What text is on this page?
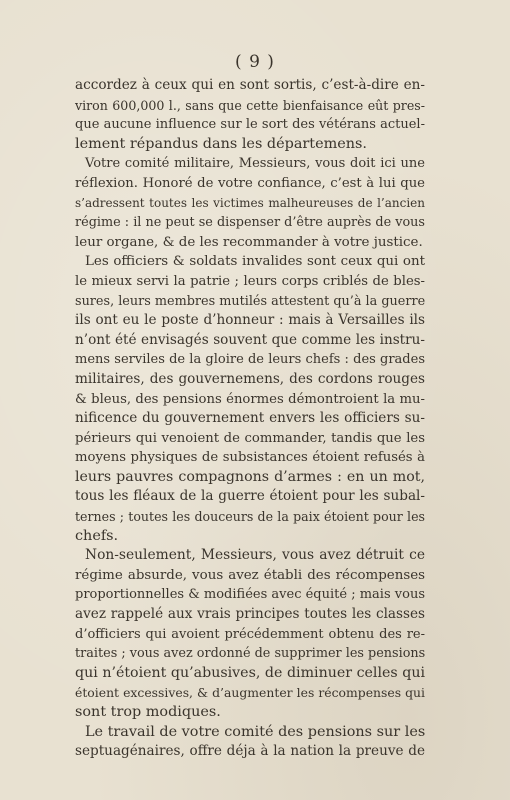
( 9 )
accordez à ceux qui en sont sortis, c’est-à-dire en-
viron 600,000 l., sans que cette bienfaisance eût pres-
que aucune influence sur le sort des vétérans actuel-
lement répandus dans les départemens.
Votre comité militaire, Messieurs, vous doit ici une
réflexion. Honoré de votre confiance, c’est à lui que
s’adressent toutes les victimes malheureuses de l’ancien
régime : il ne peut se dispenser d’être auprès de vous
leur organe, & de les recommander à votre justice.
Les officiers & soldats invalides sont ceux qui ont
le mieux servi la patrie ; leurs corps criblés de bles-
sures, leurs membres mutilés attestent qu’à la guerre
ils ont eu le poste d’honneur : mais à Versailles ils
n’ont été envisagés souvent que comme les instru-
mens serviles de la gloire de leurs chefs : des grades
militaires, des gouvernemens, des cordons rouges
& bleus, des pensions énormes démontroient la mu-
nificence du gouvernement envers les officiers su-
périeurs qui venoient de commander, tandis que les
moyens physiques de subsistances étoient refusés à
leurs pauvres compagnons d’armes : en un mot,
tous les fléaux de la guerre étoient pour les subal-
ternes ; toutes les douceurs de la paix étoient pour les
chefs.
Non-seulement, Messieurs, vous avez détruit ce
régime absurde, vous avez établi des récompenses
proportionnelles & modifiées avec équité ; mais vous
avez rappelé aux vrais principes toutes les classes
d’officiers qui avoient précédemment obtenu des re-
traites ; vous avez ordonné de supprimer les pensions
qui n’étoient qu’abusives, de diminuer celles qui
étoient excessives, & d’augmenter les récompenses qui
sont trop modiques.
Le travail de votre comité des pensions sur les
septuagénaires, offre déja à la nation la preuve de
